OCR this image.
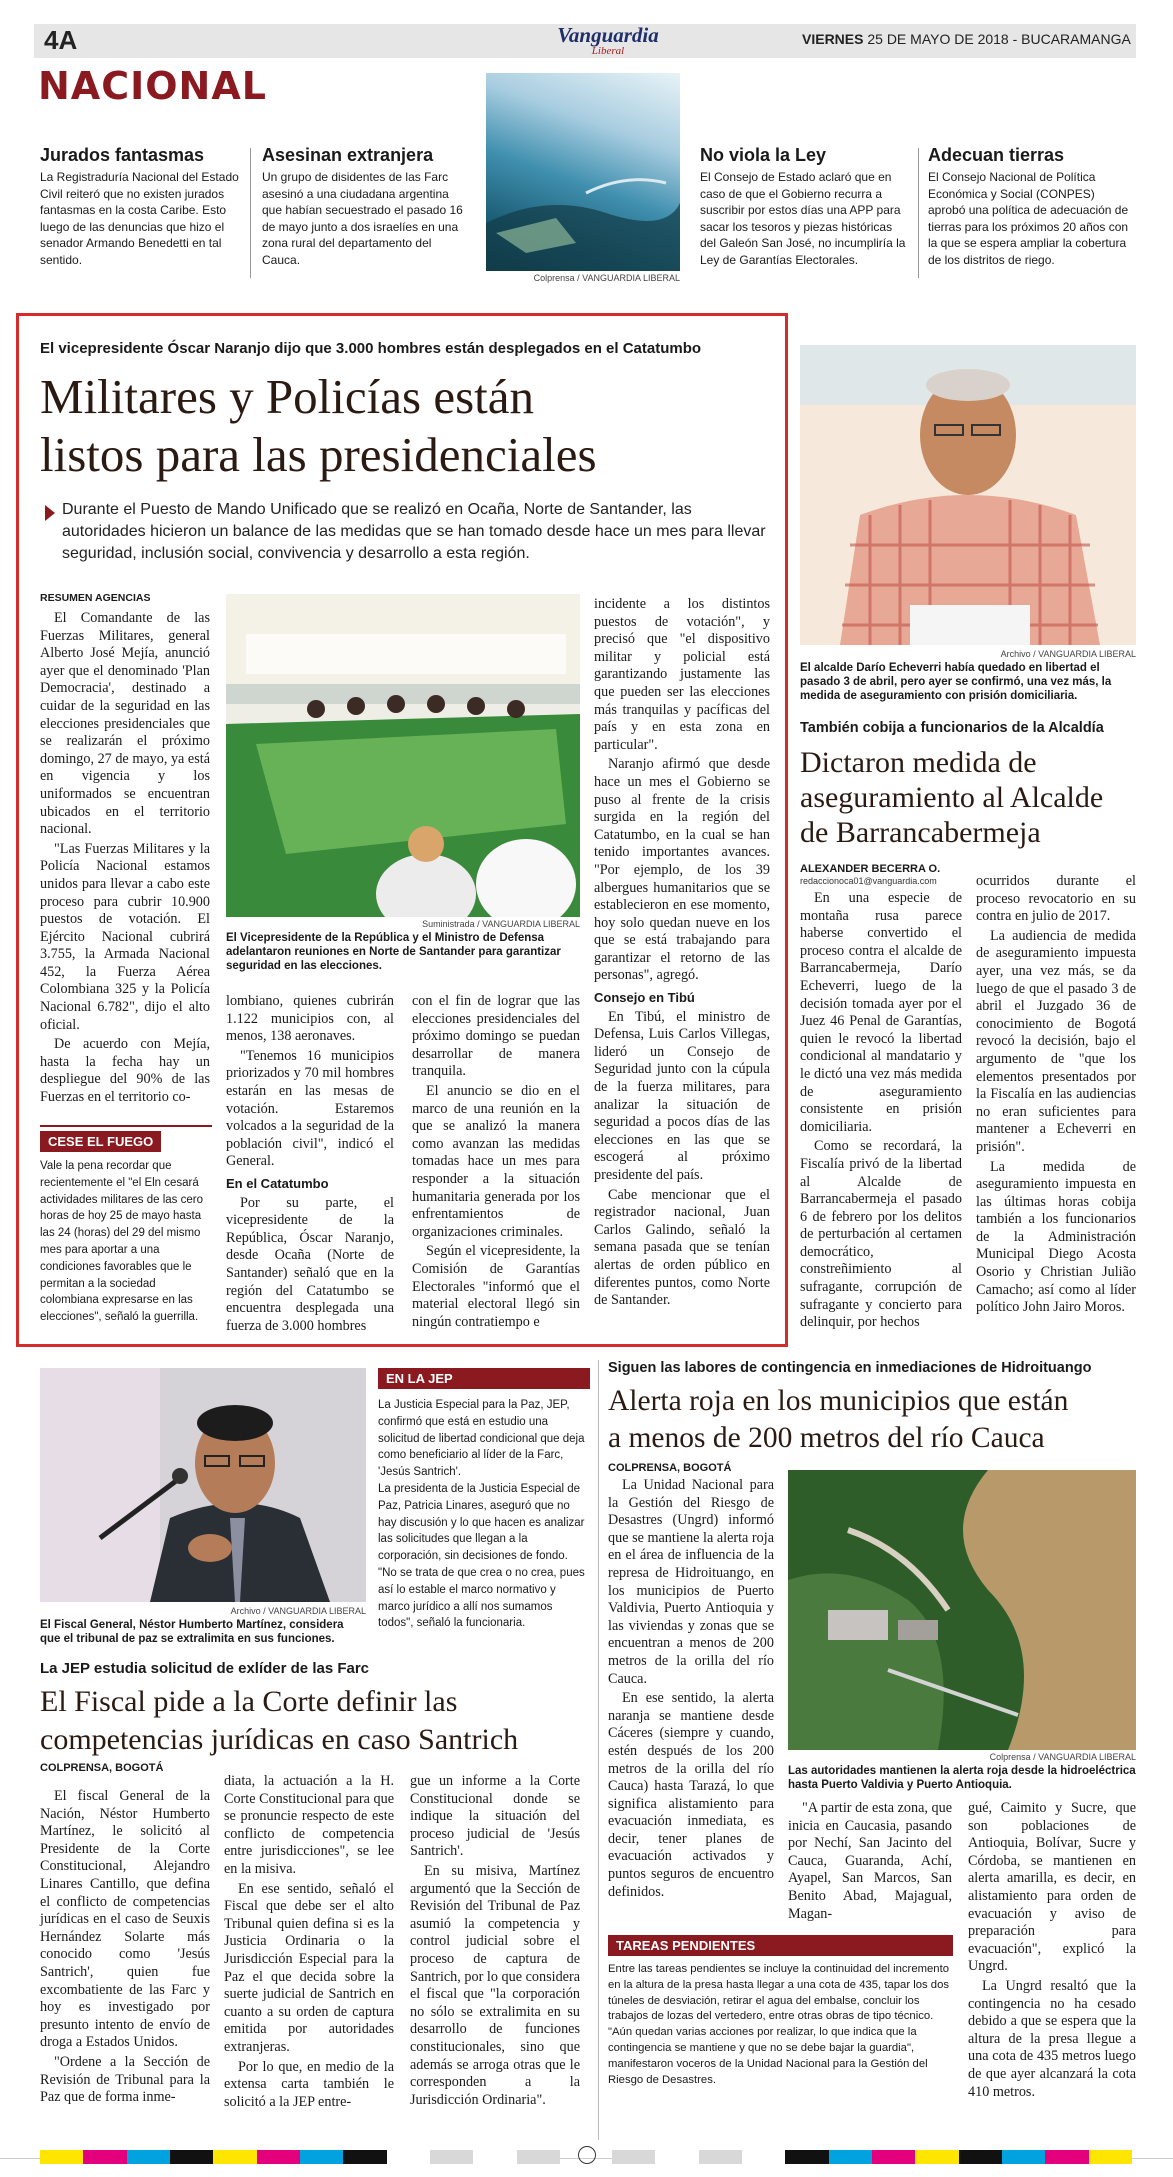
4A	Vanguardia
Liberal
VIERNES 25 DE MAYO DE 2018 - BUCARAMANGA
NACIONAL
Jurados fantasmas
La Registraduría Nacional del Estado Civil reiteró que no existen jurados fantasmas en la costa Caribe. Esto luego de las denuncias que hizo el senador Armando Benedetti en tal sentido.
Asesinan extranjera
Un grupo de disidentes de las Farc asesinó a una ciudadana argentina que habían secuestrado el pasado 16 de mayo junto a dos israelíes en una zona rural del departamento del Cauca.
Colprensa / VANGUARDIA LIBERAL
No viola la Ley
El Consejo de Estado aclaró que en caso de que el Gobierno recurra a suscribir por estos días una APP para sacar los tesoros y piezas históricas del Galeón San José, no incumpliría la Ley de Garantías Electorales.
Adecuan tierras
El Consejo Nacional de Política Económica y Social (CONPES) aprobó una política de adecuación de tierras para los próximos 20 años con la que se espera ampliar la cobertura de los distritos de riego.
El vicepresidente Óscar Naranjo dijo que 3.000 hombres están desplegados en el Catatumbo
Militares y Policías están
listos para las presidenciales
Durante el Puesto de Mando Unificado que se realizó en Ocaña, Norte de Santander, las autoridades hicieron un balance de las medidas que se han tomado desde hace un mes para llevar seguridad, inclusión social, convivencia y desarrollo a esta región.
RESUMEN AGENCIAS

El Comandante de las Fuerzas Militares, general Alberto José Mejía, anunció ayer que el denominado 'Plan Democracia', destinado a cuidar de la seguridad en las elecciones presidenciales que se realizarán el próximo domingo, 27 de mayo, ya está en vigencia y los uniformados se encuentran ubicados en el territorio nacional.

"Las Fuerzas Militares y la Policía Nacional estamos unidos para llevar a cabo este proceso para cubrir 10.900 puestos de votación. El Ejército Nacional cubrirá 3.755, la Armada Nacional 452, la Fuerza Aérea Colombiana 325 y la Policía Nacional 6.782", dijo el alto oficial.

De acuerdo con Mejía, hasta la fecha hay un despliegue del 90% de las Fuerzas en el territorio co-

Suministrada / VANGUARDIA LIBERAL
El Vicepresidente de la República y el Ministro de Defensa adelantaron reuniones en Norte de Santander para garantizar seguridad en las elecciones.

lombiano, quienes cubrirán 1.122 municipios con, al menos, 138 aeronaves.

"Tenemos 16 municipios priorizados y 70 mil hombres estarán en las mesas de votación. Estaremos volcados a la seguridad de la población civil", indicó el General.

En el Catatumbo

Por su parte, el vicepresidente de la República, Óscar Naranjo, desde Ocaña (Norte de Santander) señaló que en la región del Catatumbo se encuentra desplegada una fuerza de 3.000 hombres

con el fin de lograr que las elecciones presidenciales del próximo domingo se puedan desarrollar de manera tranquila.

El anuncio se dio en el marco de una reunión en la que se analizó la manera como avanzan las medidas tomadas hace un mes para responder a la situación humanitaria generada por los enfrentamientos de organizaciones criminales.

Según el vicepresidente, la Comisión de Garantías Electorales "informó que el material electoral llegó sin ningún contratiempo e

incidente a los distintos puestos de votación", y precisó que "el dispositivo militar y policial está garantizando justamente las que pueden ser las elecciones más tranquilas y pacíficas del país y en esta zona en particular".

Naranjo afirmó que desde hace un mes el Gobierno se puso al frente de la crisis surgida en la región del Catatumbo, en la cual se han tenido importantes avances. "Por ejemplo, de los 39 albergues humanitarios que se establecieron en ese momento, hoy solo quedan nueve en los que se está trabajando para garantizar el retorno de las personas", agregó.

Consejo en Tibú

En Tibú, el ministro de Defensa, Luis Carlos Villegas, lideró un Consejo de Seguridad junto con la cúpula de la fuerza militares, para analizar la situación de seguridad a pocos días de las elecciones en las que se escogerá al próximo presidente del país.

Cabe mencionar que el registrador nacional, Juan Carlos Galindo, señaló la semana pasada que se tenían alertas de orden público en diferentes puntos, como Norte de Santander.

CESE EL FUEGO
Vale la pena recordar que recientemente el "el Eln cesará actividades militares de las cero horas de hoy 25 de mayo hasta las 24 (horas) del 29 del mismo mes para aportar a una condiciones favorables que le permitan a la sociedad colombiana expresarse en las elecciones", señaló la guerrilla.
Archivo / VANGUARDIA LIBERAL
El alcalde Darío Echeverri había quedado en libertad el pasado 3 de abril, pero ayer se confirmó, una vez más, la medida de aseguramiento con prisión domiciliaria.
También cobija a funcionarios de la Alcaldía
Dictaron medida de
aseguramiento al Alcalde
de Barrancabermeja
ALEXANDER BECERRA O.
redaccionoca01@vanguardia.com

En una especie de montaña rusa parece haberse convertido el proceso contra el alcalde de Barrancabermeja, Darío Echeverri, luego de la decisión tomada ayer por el Juez 46 Penal de Garantías, quien le revocó la libertad condicional al mandatario y le dictó una vez más medida de aseguramiento consistente en prisión domiciliaria.

Como se recordará, la Fiscalía privó de la libertad al Alcalde de Barrancabermeja el pasado 6 de febrero por los delitos de perturbación al certamen democrático, constreñimiento al sufragante, corrupción de sufragante y concierto para delinquir, por hechos

ocurridos durante el proceso revocatorio en su contra en julio de 2017.

La audiencia de medida de aseguramiento impuesta ayer, una vez más, se da luego de que el pasado 3 de abril el Juzgado 36 de conocimiento de Bogotá revocó la decisión, bajo el argumento de "que los elementos presentados por la Fiscalía en las audiencias no eran suficientes para mantener a Echeverri en prisión".

La medida de aseguramiento impuesta en las últimas horas cobija también a los funcionarios de la Administración Municipal Diego Acosta Osorio y Christian Julião Camacho; así como al líder político John Jairo Moros.

Archivo / VANGUARDIA LIBERAL
El Fiscal General, Néstor Humberto Martínez, considera que el tribunal de paz se extralimita en sus funciones.
EN LA JEP
La Justicia Especial para la Paz, JEP, confirmó que está en estudio una solicitud de libertad condicional que deja como beneficiario al líder de la Farc, 'Jesús Santrich'.
La presidenta de la Justicia Especial de Paz, Patricia Linares, aseguró que no hay discusión y lo que hacen es analizar las solicitudes que llegan a la corporación, sin decisiones de fondo.
"No se trata de que crea o no crea, pues así lo estable el marco normativo y marco jurídico a allí nos sumamos todos", señaló la funcionaria.
La JEP estudia solicitud de exlíder de las Farc
El Fiscal pide a la Corte definir las
competencias jurídicas en caso Santrich
COLPRENSA, BOGOTÁ

El fiscal General de la Nación, Néstor Humberto Martínez, le solicitó al Presidente de la Corte Constitucional, Alejandro Linares Cantillo, que defina el conflicto de competencias jurídicas en el caso de Seuxis Hernández Solarte más conocido como 'Jesús Santrich', quien fue excombatiente de las Farc y hoy es investigado por presunto intento de envío de droga a Estados Unidos.

"Ordene a la Sección de Revisión de Tribunal para la Paz que de forma inme-

diata, la actuación a la H. Corte Constitucional para que se pronuncie respecto de este conflicto de competencia entre jurisdicciones", se lee en la misiva.

En ese sentido, señaló el Fiscal que debe ser el alto Tribunal quien defina si es la Justicia Ordinaria o la Jurisdicción Especial para la Paz el que decida sobre la suerte judicial de Santrich en cuanto a su orden de captura emitida por autoridades extranjeras.

Por lo que, en medio de la extensa carta también le solicitó a la JEP entre-

gue un informe a la Corte Constitucional donde se indique la situación del proceso judicial de 'Jesús Santrich'.

En su misiva, Martínez argumentó que la Sección de Revisión del Tribunal de Paz asumió la competencia y control judicial sobre el proceso de captura de Santrich, por lo que considera el fiscal que "la corporación no sólo se extralimita en su desarrollo de funciones constitucionales, sino que además se arroga otras que le corresponden a la Jurisdicción Ordinaria".

Siguen las labores de contingencia en inmediaciones de Hidroituango
Alerta roja en los municipios que están
a menos de 200 metros del río Cauca
COLPRENSA, BOGOTÁ

La Unidad Nacional para la Gestión del Riesgo de Desastres (Ungrd) informó que se mantiene la alerta roja en el área de influencia de la represa de Hidroituango, en los municipios de Puerto Valdivia, Puerto Antioquia y las viviendas y zonas que se encuentran a menos de 200 metros de la orilla del río Cauca.

En ese sentido, la alerta naranja se mantiene desde Cáceres (siempre y cuando, estén después de los 200 metros de la orilla del río Cauca) hasta Tarazá, lo que significa alistamiento para evacuación inmediata, es decir, tener planes de evacuación activados y puntos seguros de encuentro definidos.

Colprensa / VANGUARDIA LIBERAL
Las autoridades mantienen la alerta roja desde la hidroeléctrica hasta Puerto Valdivia y Puerto Antioquia.

"A partir de esta zona, que inicia en Caucasia, pasando por Nechí, San Jacinto del Cauca, Guaranda, Achí, Ayapel, San Marcos, San Benito Abad, Majagual, Magan-

gué, Caimito y Sucre, que son poblaciones de Antioquia, Bolívar, Sucre y Córdoba, se mantienen en alerta amarilla, es decir, en alistamiento para orden de evacuación y aviso de preparación para evacuación", explicó la Ungrd.

La Ungrd resaltó que la contingencia no ha cesado debido a que se espera que la altura de la presa llegue a una cota de 435 metros luego de que ayer alcanzará la cota 410 metros.

TAREAS PENDIENTES
Entre las tareas pendientes se incluye la continuidad del incremento en la altura de la presa hasta llegar a una cota de 435, tapar los dos túneles de desviación, retirar el agua del embalse, concluir los trabajos de lozas del vertedero, entre otras obras de tipo técnico.
"Aún quedan varias acciones por realizar, lo que indica que la contingencia se mantiene y que no se debe bajar la guardia", manifestaron voceros de la Unidad Nacional para la Gestión del Riesgo de Desastres.
